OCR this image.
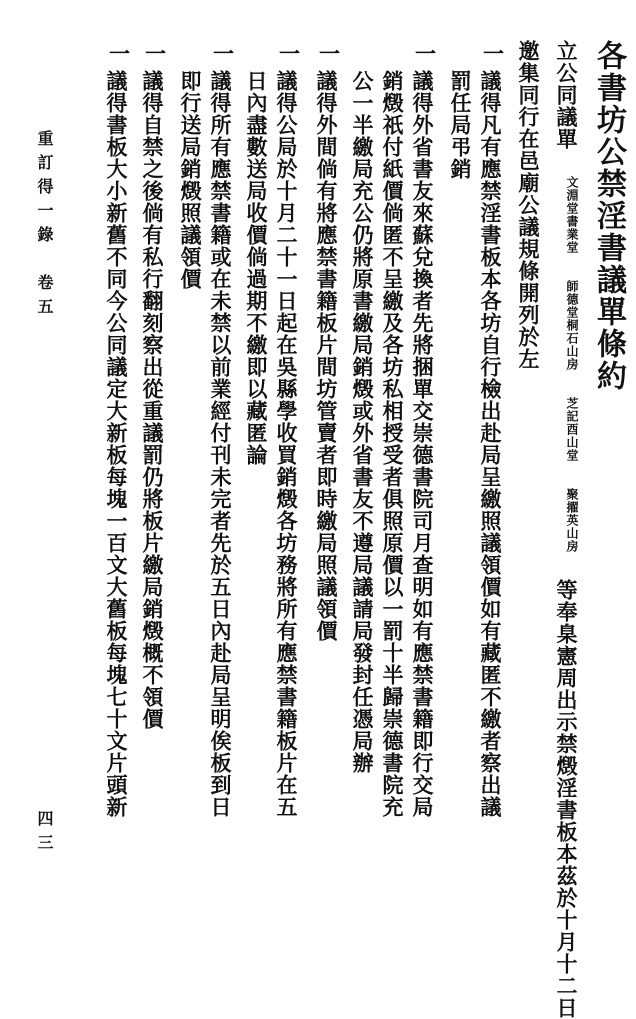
各書坊公禁淫書議單條約
立公同議單
書業堂
文淵堂

桐石山房
師德堂

酉山堂
芝記

擢英山房
聚
等奉臬憲周出示禁燬淫書板本茲於十月十二日
邀集同行在邑廟公議規條開列於左
一
議得凡有應禁淫書板本各坊自行檢出赴局呈繳照議領價如有藏匿不繳者察出議
罰任局弔銷
一
議得外省書友來蘇兌換者先將捆單交崇德書院司月查明如有應禁書籍即行交局
銷燬祇付紙價倘匿不呈繳及各坊私相授受者俱照原價以一罰十半歸崇德書院充
公一半繳局充公仍將原書繳局銷燬或外省書友不遵局議請局發封任憑局辦
一
議得外間倘有將應禁書籍板片間坊管賣者即時繳局照議領價
一
議得公局於十月二十一日起在吳縣學收買銷燬各坊務將所有應禁書籍板片在五
日內盡數送局收價倘過期不繳即以藏匿論
一
議得所有應禁書籍或在未禁以前業經付刊未完者先於五日內赴局呈明俟板到日
即行送局銷燬照議領價
一
議得自禁之後倘有私行翻刻察出從重議罰仍將板片繳局銷燬概不領價
一
議得書板大小新舊不同今公同議定大新板每塊一百文大舊板每塊七十文片頭新
重訂得一錄　卷五
四三
